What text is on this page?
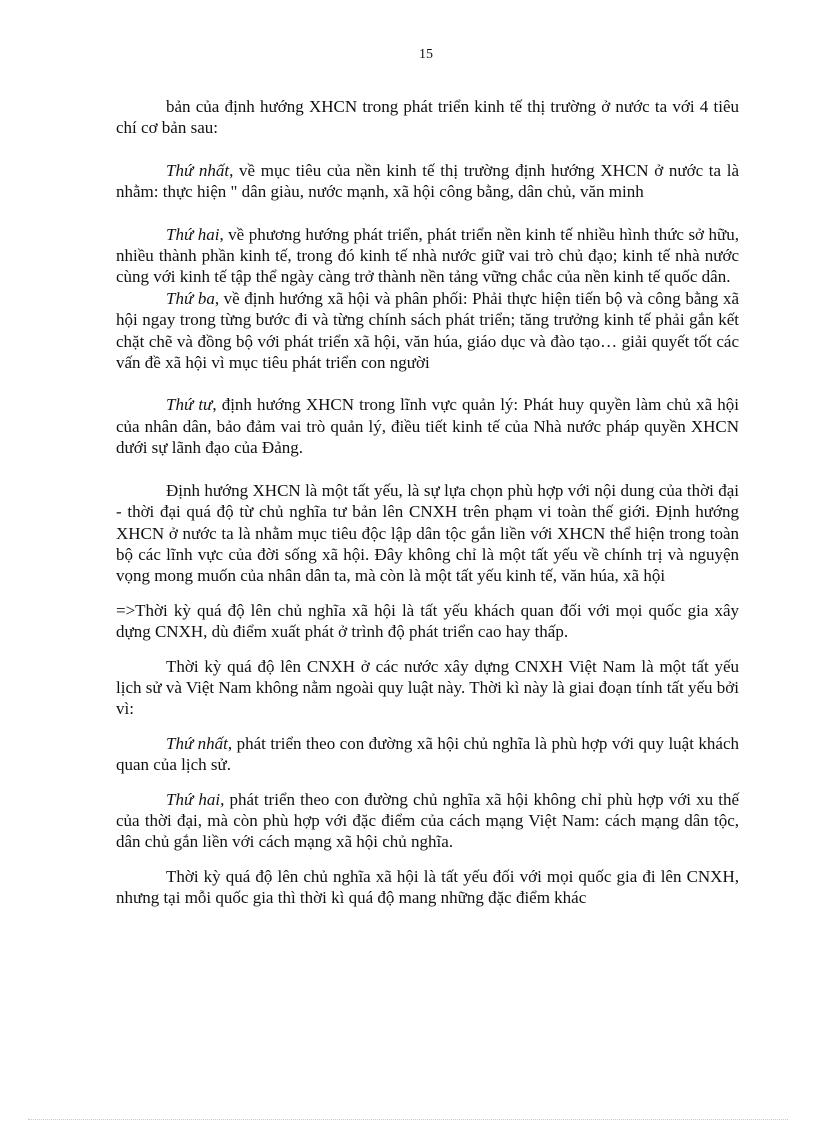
15

bản của định hướng XHCN trong phát triển kinh tế thị trường ở nước ta với 4 tiêu chí cơ bản sau:

Thứ nhất, về mục tiêu của nền kinh tế thị trường định hướng XHCN ở nước ta là nhằm: thực hiện " dân giàu, nước mạnh, xã hội công bằng, dân chủ, văn minh

Thứ hai, về phương hướng phát triển, phát triển nền kinh tế nhiều hình thức sở hữu, nhiều thành phần kinh tế, trong đó kinh tế nhà nước giữ vai trò chủ đạo; kinh tế nhà nước cùng với kinh tế tập thể ngày càng trở thành nền tảng vững chắc của nền kinh tế quốc dân.

Thứ ba, về định hướng xã hội và phân phối: Phải thực hiện tiến bộ và công bằng xã hội ngay trong từng bước đi và từng chính sách phát triển; tăng trưởng kinh tế phải gắn kết chặt chẽ và đồng bộ với phát triển xã hội, văn húa, giáo dục và đào tạo… giải quyết tốt các vấn đề xã hội vì mục tiêu phát triển con người

Thứ tư, định hướng XHCN trong lĩnh vực quản lý: Phát huy quyền làm chủ xã hội của nhân dân, bảo đảm vai trò quản lý, điều tiết kinh tế của Nhà nước pháp quyền XHCN dưới sự lãnh đạo của Đảng.

Định hướng XHCN là một tất yếu, là sự lựa chọn phù hợp với nội dung của thời đại - thời đại quá độ từ chủ nghĩa tư bản lên CNXH trên phạm vi toàn thế giới. Định hướng XHCN ở nước ta là nhằm mục tiêu độc lập dân tộc gắn liền với XHCN thể hiện trong toàn bộ các lĩnh vực của đời sống xã hội. Đây không chỉ là một tất yếu về chính trị và nguyện vọng mong muốn của nhân dân ta, mà còn là một tất yếu kinh tế, văn húa, xã hội

=>Thời kỳ quá độ lên chủ nghĩa xã hội là tất yếu khách quan đối với mọi quốc gia xây dựng CNXH, dù điểm xuất phát ở trình độ phát triển cao hay thấp.

Thời kỳ quá độ lên CNXH ở các nước xây dựng CNXH Việt Nam là một tất yếu lịch sử và Việt Nam không nằm ngoài quy luật này. Thời kì này là giai đoạn tính tất yếu bởi vì:

Thứ nhất, phát triển theo con đường xã hội chủ nghĩa là phù hợp với quy luật khách quan của lịch sử.

Thứ hai, phát triển theo con đường chủ nghĩa xã hội không chỉ phù hợp với xu thế của thời đại, mà còn phù hợp với đặc điểm của cách mạng Việt Nam: cách mạng dân tộc, dân chủ gắn liền với cách mạng xã hội chủ nghĩa.

Thời kỳ quá độ lên chủ nghĩa xã hội là tất yếu đối với mọi quốc gia đi lên CNXH, nhưng tại mỗi quốc gia thì thời kì quá độ mang những đặc điểm khác
